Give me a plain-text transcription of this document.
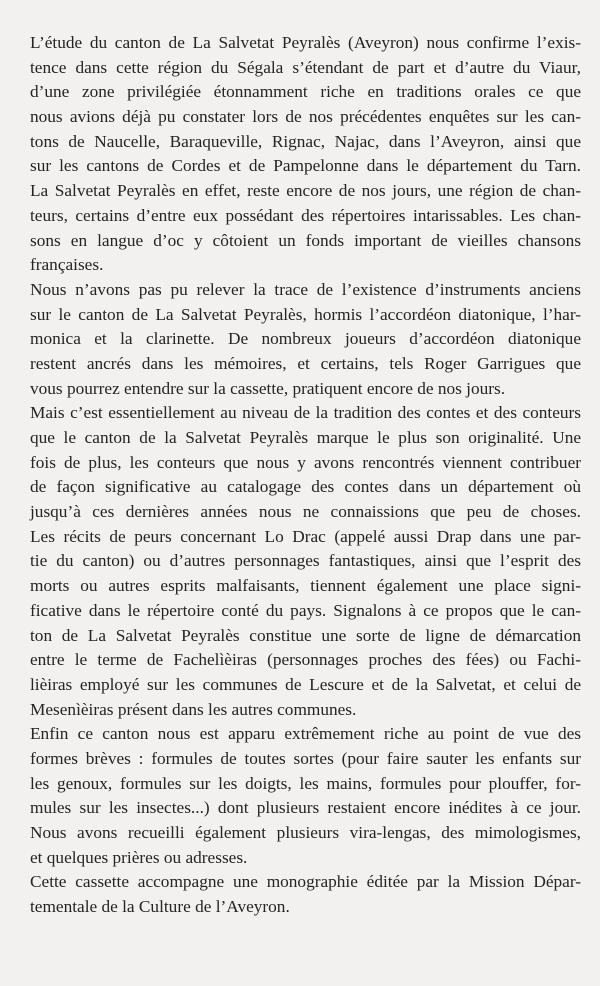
L’étude du canton de La Salvetat Peyralès (Aveyron) nous confirme l’exis-
tence dans cette région du Ségala s’étendant de part et d’autre du Viaur,
d’une zone privilégiée étonnamment riche en traditions orales ce que
nous avions déjà pu constater lors de nos précédentes enquêtes sur les can-
tons de Naucelle, Baraqueville, Rignac, Najac, dans l’Aveyron, ainsi que
sur les cantons de Cordes et de Pampelonne dans le département du Tarn.
La Salvetat Peyralès en effet, reste encore de nos jours, une région de chan-
teurs, certains d’entre eux possédant des répertoires intarissables. Les chan-
sons en langue d’oc y côtoient un fonds important de vieilles chansons
françaises.
Nous n’avons pas pu relever la trace de l’existence d’instruments anciens
sur le canton de La Salvetat Peyralès, hormis l’accordéon diatonique, l’har-
monica et la clarinette. De nombreux joueurs d’accordéon diatonique
restent ancrés dans les mémoires, et certains, tels Roger Garrigues que
vous pourrez entendre sur la cassette, pratiquent encore de nos jours.
Mais c’est essentiellement au niveau de la tradition des contes et des conteurs
que le canton de la Salvetat Peyralès marque le plus son originalité. Une
fois de plus, les conteurs que nous y avons rencontrés viennent contribuer
de façon significative au catalogage des contes dans un département où
jusqu’à ces dernières années nous ne connaissions que peu de choses.
Les récits de peurs concernant Lo Drac (appelé aussi Drap dans une par-
tie du canton) ou d’autres personnages fantastiques, ainsi que l’esprit des
morts ou autres esprits malfaisants, tiennent également une place signi-
ficative dans le répertoire conté du pays. Signalons à ce propos que le can-
ton de La Salvetat Peyralès constitue une sorte de ligne de démarcation
entre le terme de Fachelìèiras (personnages proches des fées) ou Fachi-
lièiras employé sur les communes de Lescure et de la Salvetat, et celui de
Mesenìèiras présent dans les autres communes.
Enfin ce canton nous est apparu extrêmement riche au point de vue des
formes brèves : formules de toutes sortes (pour faire sauter les enfants sur
les genoux, formules sur les doigts, les mains, formules pour plouffer, for-
mules sur les insectes...) dont plusieurs restaient encore inédites à ce jour.
Nous avons recueilli également plusieurs vira-lengas, des mimologismes,
et quelques prières ou adresses.
Cette cassette accompagne une monographie éditée par la Mission Dépar-
tementale de la Culture de l’Aveyron.
